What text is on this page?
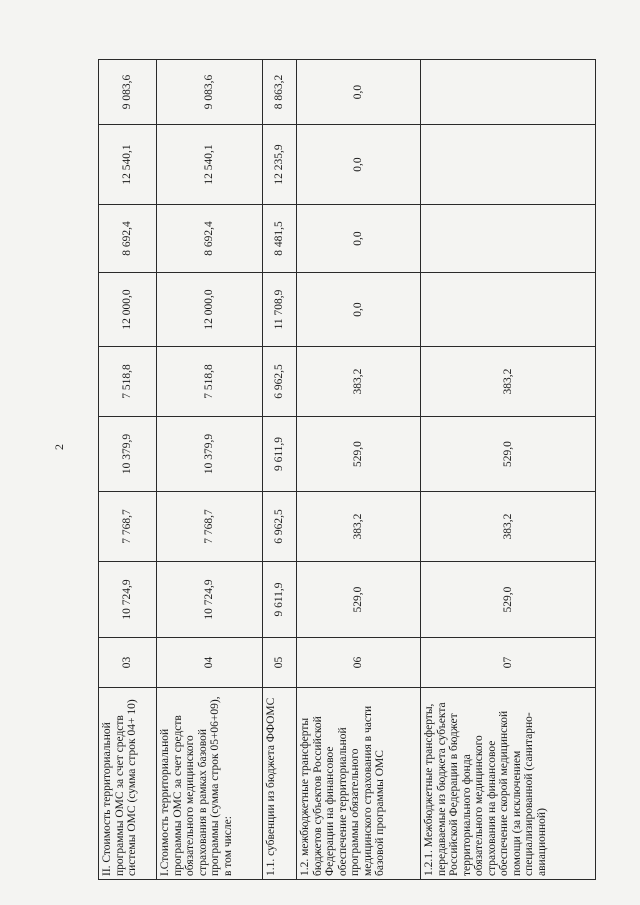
2
II. Стоимость территориальной программы ОМС за счет средств системы ОМС (сумма строк 04+ 10)	03	10 724,9	7 768,7	10 379,9	7 518,8	12 000,0	8 692,4	12 540,1	9 083,6
I.Стоимость территориальной программы ОМС за счет средств обязательного медицинского страхования в рамках базовой программы (сумма строк 05+06+09), в том числе:	04	10 724,9	7 768,7	10 379,9	7 518,8	12 000,0	8 692,4	12 540,1	9 083,6
1.1. субвенции из бюджета ФФОМС	05	9 611,9	6 962,5	9 611,9	6 962,5	11 708,9	8 481,5	12 235,9	8 863,2
1.2. межбюджетные трансферты бюджетов субъектов Российской Федерации на финансовое обеспечение территориальной программы обязательного медицинского страхования в части базовой программы ОМС	06	529,0	383,2	529,0	383,2	0,0	0,0	0,0	0,0
1.2.1. Межбюджетные трансферты, передаваемые из бюджета субъекта Российской Федерации в бюджет территориального фонда обязательного медицинского страхования на финансовое обеспечение скорой медицинской помощи (за исключением специализированной (санитарно-авиационной)	07	529,0	383,2	529,0	383,2				
